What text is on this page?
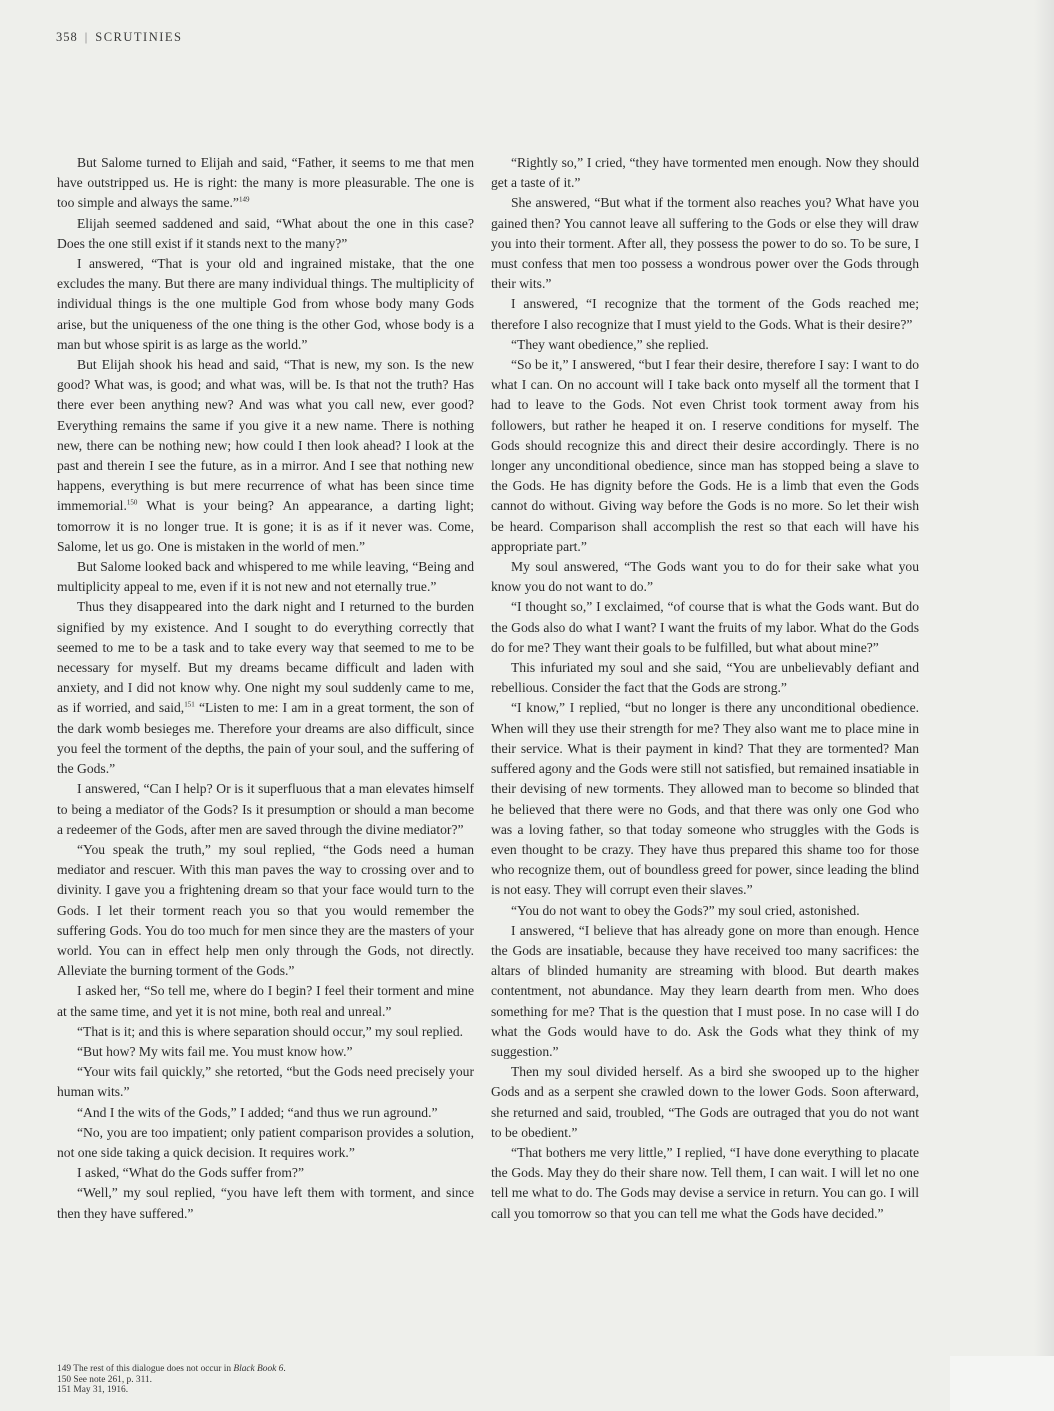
358 | SCRUTINIES

But Salome turned to Elijah and said, “Father, it seems to me that men have outstripped us. He is right: the many is more pleasurable. The one is too simple and always the same.”$^{149}$

Elijah seemed saddened and said, “What about the one in this case? Does the one still exist if it stands next to the many?”

I answered, “That is your old and ingrained mistake, that the one excludes the many. But there are many individual things. The multiplicity of individual things is the one multiple God from whose body many Gods arise, but the uniqueness of the one thing is the other God, whose body is a man but whose spirit is as large as the world.”

But Elijah shook his head and said, “That is new, my son. Is the new good? What was, is good; and what was, will be. Is that not the truth? Has there ever been anything new? And was what you call new, ever good? Everything remains the same if you give it a new name. There is nothing new, there can be nothing new; how could I then look ahead? I look at the past and therein I see the future, as in a mirror. And I see that nothing new happens, everything is but mere recurrence of what has been since time immemorial.$^{150}$ What is your being? An appearance, a darting light; tomorrow it is no longer true. It is gone; it is as if it never was. Come, Salome, let us go. One is mistaken in the world of men.”

But Salome looked back and whispered to me while leaving, “Being and multiplicity appeal to me, even if it is not new and not eternally true.”

Thus they disappeared into the dark night and I returned to the burden signified by my existence. And I sought to do everything correctly that seemed to me to be a task and to take every way that seemed to me to be necessary for myself. But my dreams became difficult and laden with anxiety, and I did not know why. One night my soul suddenly came to me, as if worried, and said,$^{151}$ “Listen to me: I am in a great torment, the son of the dark womb besieges me. Therefore your dreams are also difficult, since you feel the torment of the depths, the pain of your soul, and the suffering of the Gods.”

I answered, “Can I help? Or is it superfluous that a man elevates himself to being a mediator of the Gods? Is it presumption or should a man become a redeemer of the Gods, after men are saved through the divine mediator?”

“You speak the truth,” my soul replied, “the Gods need a human mediator and rescuer. With this man paves the way to crossing over and to divinity. I gave you a frightening dream so that your face would turn to the Gods. I let their torment reach you so that you would remember the suffering Gods. You do too much for men since they are the masters of your world. You can in effect help men only through the Gods, not directly. Alleviate the burning torment of the Gods.”

I asked her, “So tell me, where do I begin? I feel their torment and mine at the same time, and yet it is not mine, both real and unreal.”

“That is it; and this is where separation should occur,” my soul replied.

“But how? My wits fail me. You must know how.”

“Your wits fail quickly,” she retorted, “but the Gods need precisely your human wits.”

“And I the wits of the Gods,” I added; “and thus we run aground.”

“No, you are too impatient; only patient comparison provides a solution, not one side taking a quick decision. It requires work.”

I asked, “What do the Gods suffer from?”

“Well,” my soul replied, “you have left them with torment, and since then they have suffered.”

“Rightly so,” I cried, “they have tormented men enough. Now they should get a taste of it.”

She answered, “But what if the torment also reaches you? What have you gained then? You cannot leave all suffering to the Gods or else they will draw you into their torment. After all, they possess the power to do so. To be sure, I must confess that men too possess a wondrous power over the Gods through their wits.”

I answered, “I recognize that the torment of the Gods reached me; therefore I also recognize that I must yield to the Gods. What is their desire?”

“They want obedience,” she replied.

“So be it,” I answered, “but I fear their desire, therefore I say: I want to do what I can. On no account will I take back onto myself all the torment that I had to leave to the Gods. Not even Christ took torment away from his followers, but rather he heaped it on. I reserve conditions for myself. The Gods should recognize this and direct their desire accordingly. There is no longer any unconditional obedience, since man has stopped being a slave to the Gods. He has dignity before the Gods. He is a limb that even the Gods cannot do without. Giving way before the Gods is no more. So let their wish be heard. Comparison shall accomplish the rest so that each will have his appropriate part.”

My soul answered, “The Gods want you to do for their sake what you know you do not want to do.”

“I thought so,” I exclaimed, “of course that is what the Gods want. But do the Gods also do what I want? I want the fruits of my labor. What do the Gods do for me? They want their goals to be fulfilled, but what about mine?”

This infuriated my soul and she said, “You are unbelievably defiant and rebellious. Consider the fact that the Gods are strong.”

“I know,” I replied, “but no longer is there any unconditional obedience. When will they use their strength for me? They also want me to place mine in their service. What is their payment in kind? That they are tormented? Man suffered agony and the Gods were still not satisfied, but remained insatiable in their devising of new torments. They allowed man to become so blinded that he believed that there were no Gods, and that there was only one God who was a loving father, so that today someone who struggles with the Gods is even thought to be crazy. They have thus prepared this shame too for those who recognize them, out of boundless greed for power, since leading the blind is not easy. They will corrupt even their slaves.”

“You do not want to obey the Gods?” my soul cried, astonished.

I answered, “I believe that has already gone on more than enough. Hence the Gods are insatiable, because they have received too many sacrifices: the altars of blinded humanity are streaming with blood. But dearth makes contentment, not abundance. May they learn dearth from men. Who does something for me? That is the question that I must pose. In no case will I do what the Gods would have to do. Ask the Gods what they think of my suggestion.”

Then my soul divided herself. As a bird she swooped up to the higher Gods and as a serpent she crawled down to the lower Gods. Soon afterward, she returned and said, troubled, “The Gods are outraged that you do not want to be obedient.”

“That bothers me very little,” I replied, “I have done everything to placate the Gods. May they do their share now. Tell them, I can wait. I will let no one tell me what to do. The Gods may devise a service in return. You can go. I will call you tomorrow so that you can tell me what the Gods have decided.”

149 The rest of this dialogue does not occur in Black Book 6.
150 See note 261, p. 311.
151 May 31, 1916.
